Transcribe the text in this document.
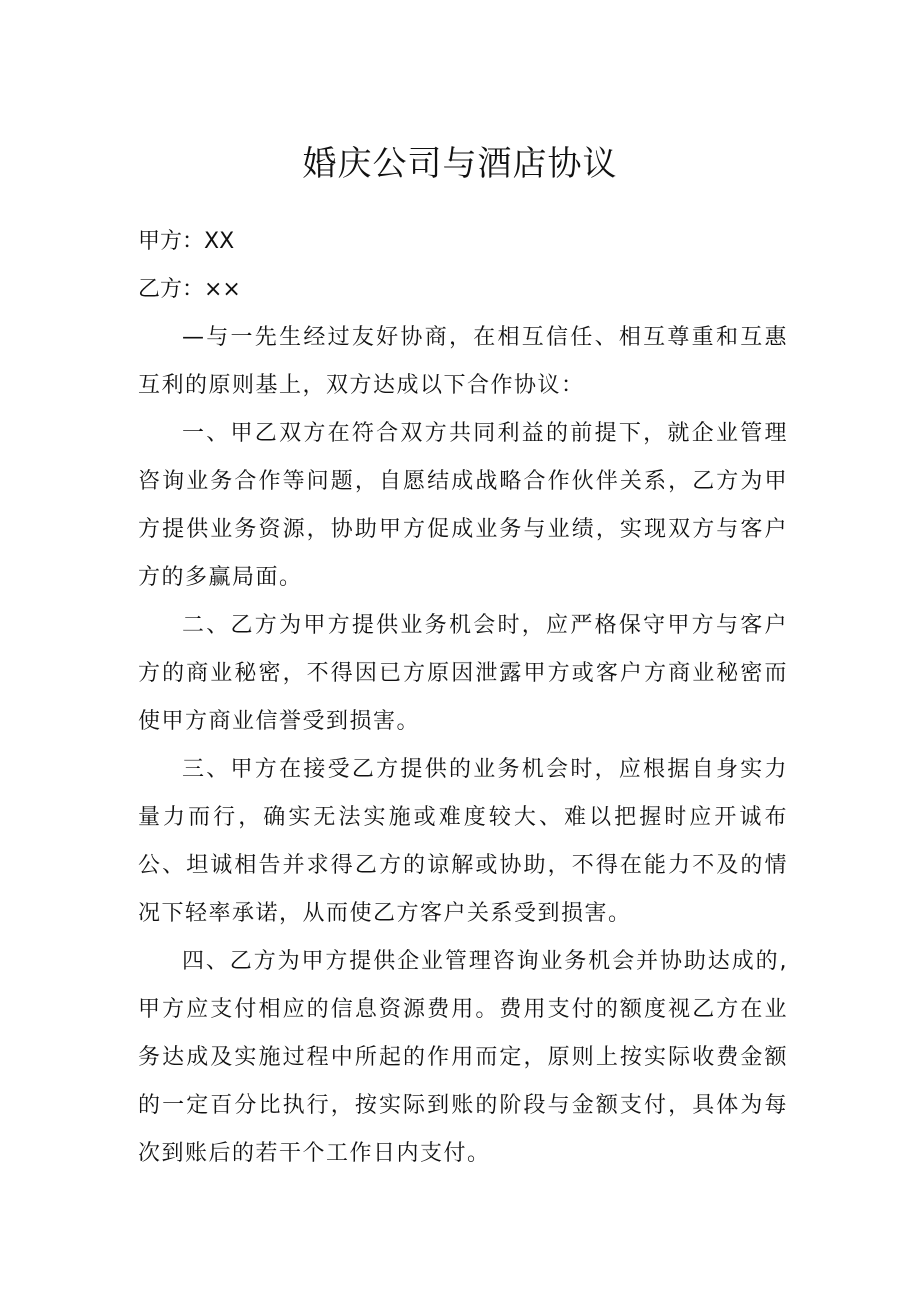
婚庆公司与酒店协议

甲方：XX

乙方：××

—与一先生经过友好协商，在相互信任、相互尊重和互惠互利的原则基上，双方达成以下合作协议：

一、甲乙双方在符合双方共同利益的前提下，就企业管理咨询业务合作等问题，自愿结成战略合作伙伴关系，乙方为甲方提供业务资源，协助甲方促成业务与业绩，实现双方与客户方的多赢局面。

二、乙方为甲方提供业务机会时，应严格保守甲方与客户方的商业秘密，不得因已方原因泄露甲方或客户方商业秘密而使甲方商业信誉受到损害。

三、甲方在接受乙方提供的业务机会时，应根据自身实力量力而行，确实无法实施或难度较大、难以把握时应开诚布公、坦诚相告并求得乙方的谅解或协助，不得在能力不及的情况下轻率承诺，从而使乙方客户关系受到损害。

四、乙方为甲方提供企业管理咨询业务机会并协助达成的,甲方应支付相应的信息资源费用。费用支付的额度视乙方在业务达成及实施过程中所起的作用而定，原则上按实际收费金额的一定百分比执行，按实际到账的阶段与金额支付，具体为每次到账后的若干个工作日内支付。
